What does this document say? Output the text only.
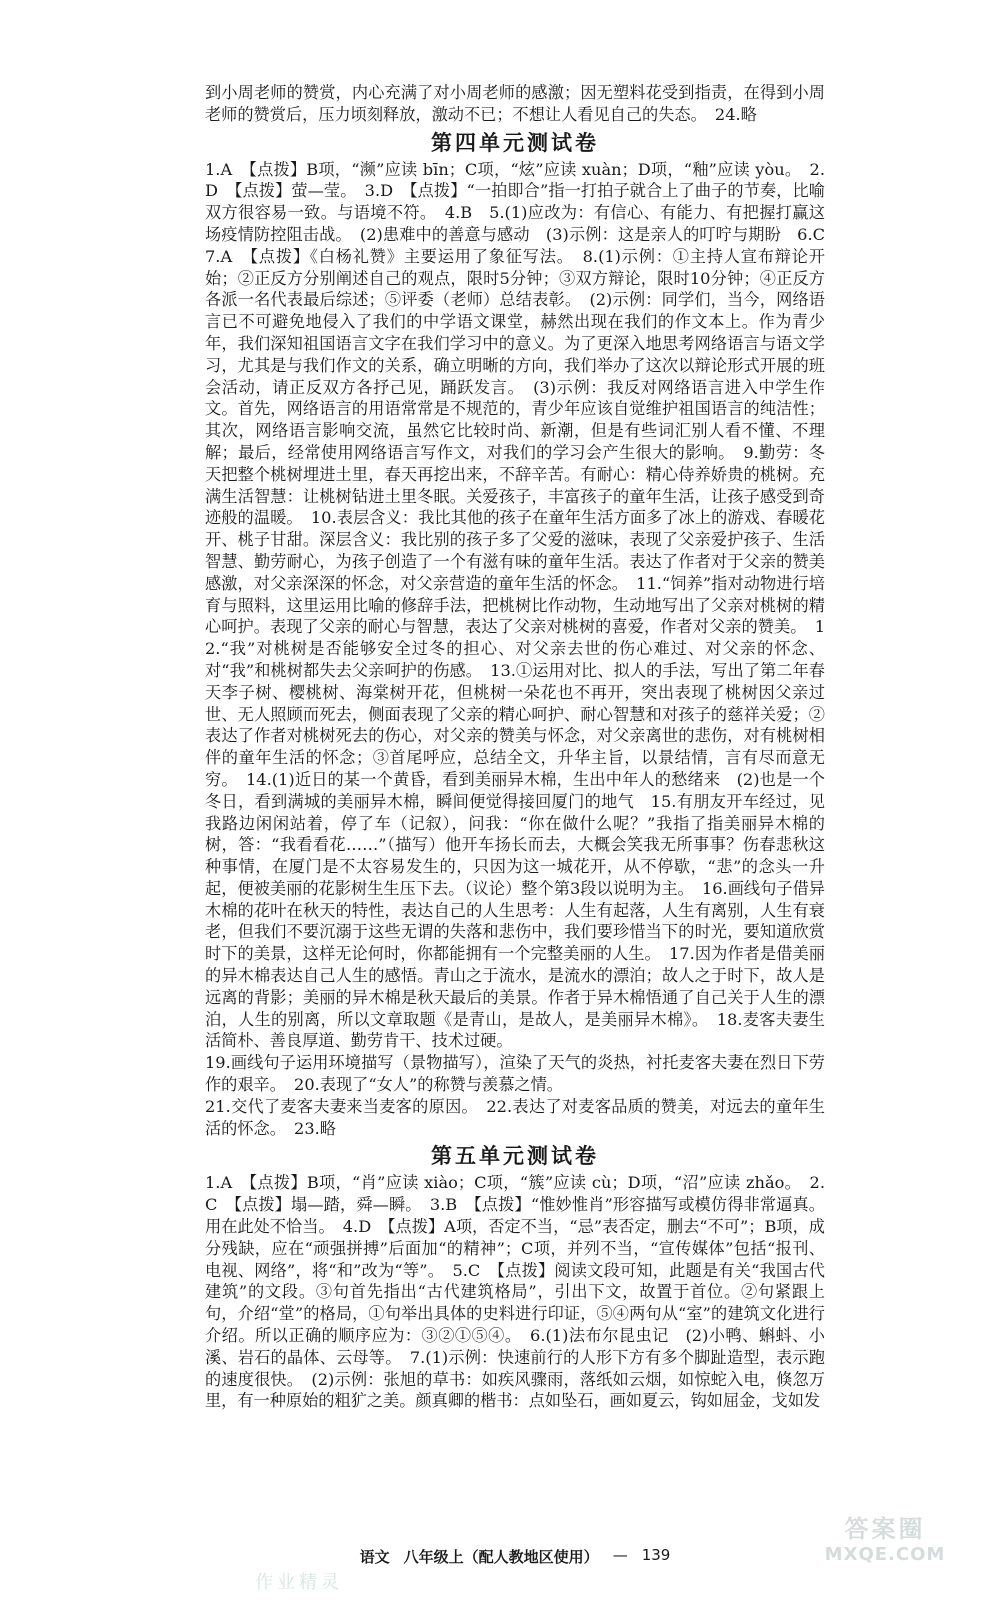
到小周老师的赞赏，内心充满了对小周老师的感激；因无塑料花受到指责，在得到小周老师的赞赏后，压力顷刻释放，激动不已；不想让人看见自己的失态。　24.略

第四单元测试卷

1.A　【点拨】B项，“濒”应读 bīn；C项，“炫”应读 xuàn；D项，“釉”应读 yòu。　2.D　【点拨】萤—莹。　3.D　【点拨】“一拍即合”指一打拍子就合上了曲子的节奏，比喻双方很容易一致。与语境不符。　4.B　5.(1)应改为：有信心、有能力、有把握打赢这场疫情防控阻击战。　(2)患难中的善意与感动　(3)示例：这是亲人的叮咛与期盼　6.C　7.A　【点拨】《白杨礼赞》主要运用了象征写法。　8.(1)示例：①主持人宣布辩论开始；②正反方分别阐述自己的观点，限时5分钟；③双方辩论，限时10分钟；④正反方各派一名代表最后综述；⑤评委（老师）总结表彰。　(2)示例：同学们，当今，网络语言已不可避免地侵入了我们的中学语文课堂，赫然出现在我们的作文本上。作为青少年，我们深知祖国语言文字在我们学习中的意义。为了更深入地思考网络语言与语文学习，尤其是与我们作文的关系，确立明晰的方向，我们举办了这次以辩论形式开展的班会活动，请正反双方各抒己见，踊跃发言。　(3)示例：我反对网络语言进入中学生作文。首先，网络语言的用语常常是不规范的，青少年应该自觉维护祖国语言的纯洁性；其次，网络语言影响交流，虽然它比较时尚、新潮，但是有些词汇别人看不懂、不理解；最后，经常使用网络语言写作文，对我们的学习会产生很大的影响。　9.勤劳：冬天把整个桃树埋进土里，春天再挖出来，不辞辛苦。有耐心：精心侍养娇贵的桃树。充满生活智慧：让桃树钻进土里冬眠。关爱孩子，丰富孩子的童年生活，让孩子感受到奇迹般的温暖。　10.表层含义：我比其他的孩子在童年生活方面多了冰上的游戏、春暖花开、桃子甘甜。深层含义：我比别的孩子多了父爱的滋味，表现了父亲爱护孩子、生活智慧、勤劳耐心，为孩子创造了一个有滋有味的童年生活。表达了作者对于父亲的赞美感激，对父亲深深的怀念，对父亲营造的童年生活的怀念。　11.“饲养”指对动物进行培育与照料，这里运用比喻的修辞手法，把桃树比作动物，生动地写出了父亲对桃树的精心呵护。表现了父亲的耐心与智慧，表达了父亲对桃树的喜爱，作者对父亲的赞美。　12.“我”对桃树是否能够安全过冬的担心、对父亲去世的伤心难过、对父亲的怀念、对“我”和桃树都失去父亲呵护的伤感。　13.①运用对比、拟人的手法，写出了第二年春天李子树、樱桃树、海棠树开花，但桃树一朵花也不再开，突出表现了桃树因父亲过世、无人照顾而死去，侧面表现了父亲的精心呵护、耐心智慧和对孩子的慈祥关爱；②表达了作者对桃树死去的伤心，对父亲的赞美与怀念，对父亲离世的悲伤，对有桃树相伴的童年生活的怀念；③首尾呼应，总结全文，升华主旨，以景结情，言有尽而意无穷。　14.(1)近日的某一个黄昏，看到美丽异木棉，生出中年人的愁绪来　(2)也是一个冬日，看到满城的美丽异木棉，瞬间便觉得接回厦门的地气　15.有朋友开车经过，见我路边闲闲站着，停了车（记叙），问我：“你在做什么呢？”我指了指美丽异木棉的树，答：“我看看花……”（描写）他开车扬长而去，大概会笑我无所事事？伤春悲秋这种事情，在厦门是不太容易发生的，只因为这一城花开，从不停歇，“悲”的念头一升起，便被美丽的花影树生生压下去。（议论）整个第3段以说明为主。　16.画线句子借异木棉的花叶在秋天的特性，表达自己的人生思考：人生有起落，人生有离别，人生有衰老，但我们不要沉溺于这些无谓的失落和悲伤中，我们要珍惜当下的时光，要知道欣赏时下的美景，这样无论何时，你都能拥有一个完整美丽的人生。　17.因为作者是借美丽的异木棉表达自己人生的感悟。青山之于流水，是流水的漂泊；故人之于时下，故人是远离的背影；美丽的异木棉是秋天最后的美景。作者于异木棉悟通了自己关于人生的漂泊，人生的别离，所以文章取题《是青山，是故人，是美丽异木棉》。　18.麦客夫妻生活简朴、善良厚道、勤劳肯干、技术过硬。

19.画线句子运用环境描写（景物描写），渲染了天气的炎热，衬托麦客夫妻在烈日下劳作的艰辛。　20.表现了“女人”的称赞与羡慕之情。

21.交代了麦客夫妻来当麦客的原因。　22.表达了对麦客品质的赞美，对远去的童年生活的怀念。　23.略

第五单元测试卷

1.A　【点拨】B项，“肖”应读 xiào；C项，“簇”应读 cù；D项，“沼”应读 zhǎo。　2.C　【点拨】塌—踏，舜—瞬。　3.B　【点拨】“惟妙惟肖”形容描写或模仿得非常逼真。用在此处不恰当。　4.D　【点拨】A项，否定不当，“忌”表否定，删去“不可”；B项，成分残缺，应在“顽强拼搏”后面加“的精神”；C项，并列不当，“宣传媒体”包括“报刊、电视、网络”，将“和”改为“等”。　5.C　【点拨】阅读文段可知，此题是有关“我国古代建筑”的文段。③句首先指出“古代建筑格局”，引出下文，故置于首位。②句紧跟上句，介绍“堂”的格局，①句举出具体的史料进行印证，⑤④两句从“室”的建筑文化进行介绍。所以正确的顺序应为：③②①⑤④。　6.(1)法布尔昆虫记　(2)小鸭、蝌蚪、小溪、岩石的晶体、云母等。　7.(1)示例：快速前行的人形下方有多个脚趾造型，表示跑的速度很快。　(2)示例：张旭的草书：如疾风骤雨，落纸如云烟，如惊蛇入电，倏忽万里，有一种原始的粗犷之美。颜真卿的楷书：点如坠石，画如夏云，钩如屈金，戈如发

语文 八年级上（配人教地区使用） — 139
作业精灵
答案圈
MXQE.COM
